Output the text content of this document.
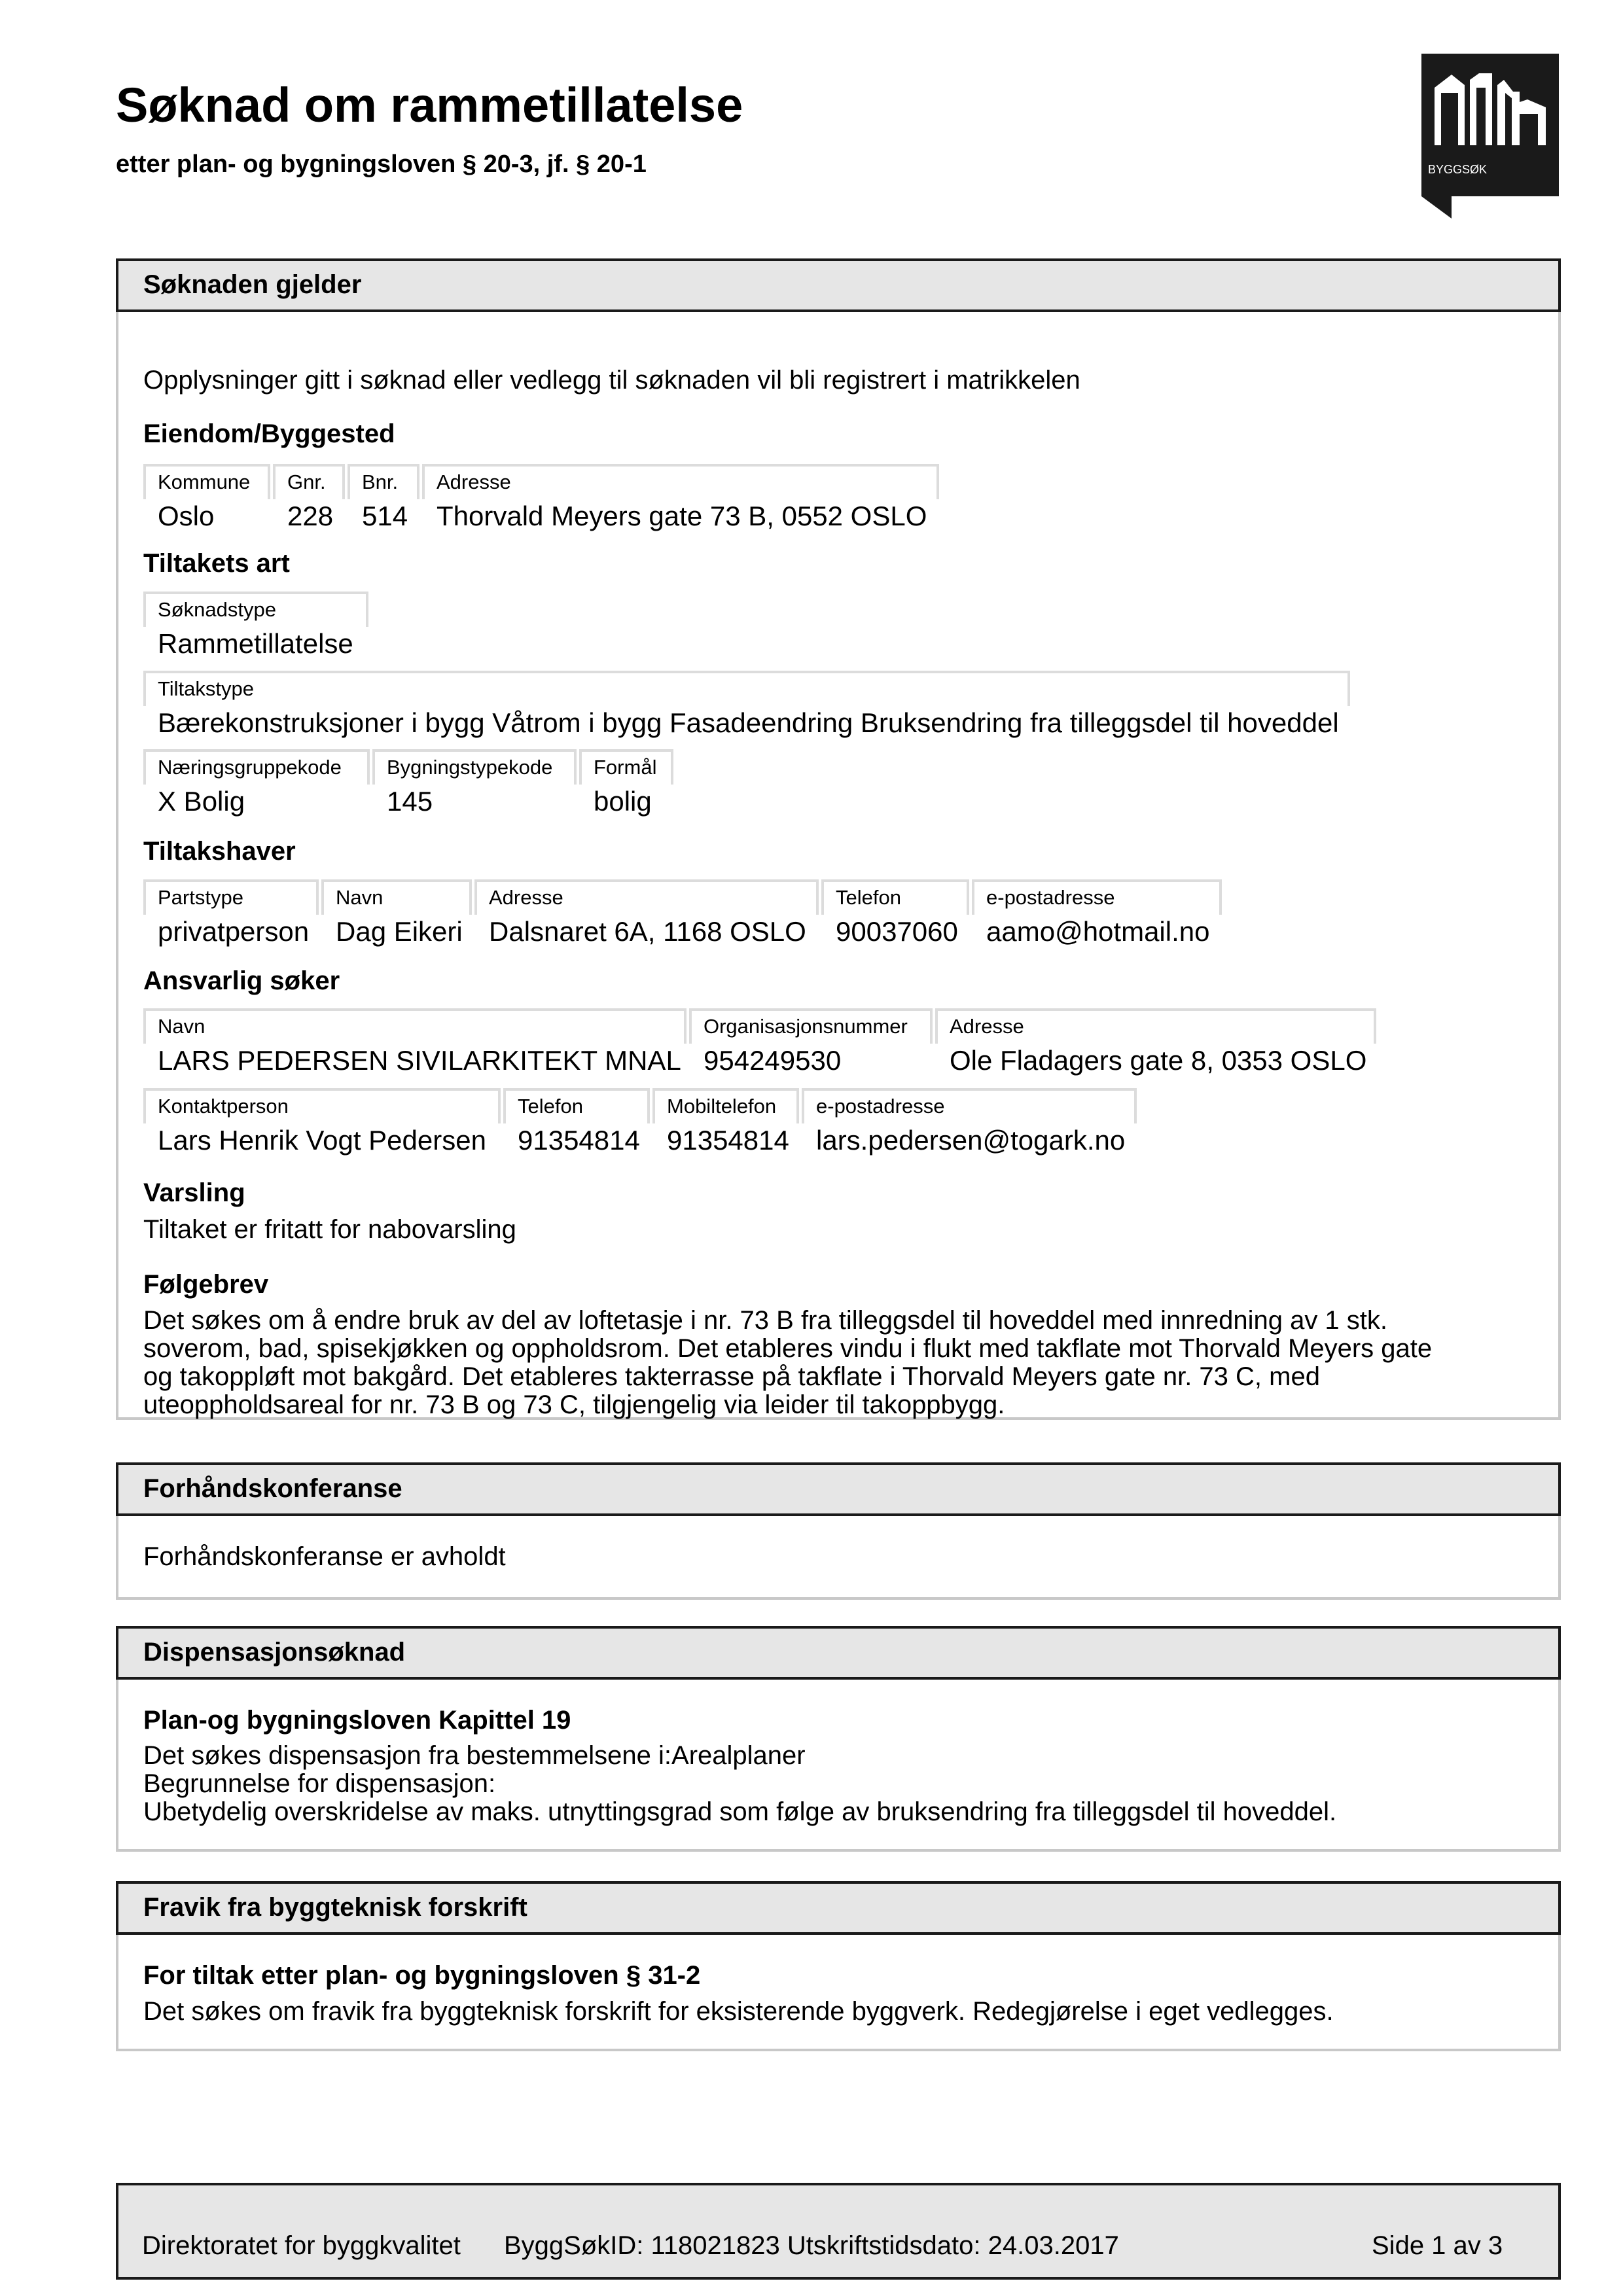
Søknad om rammetillatelse
etter plan- og bygningsloven § 20-3, jf. § 20-1	BYGGSØK
Søknaden gjelder
Opplysninger gitt i søknad eller vedlegg til søknaden vil bli registrert i matrikkelen
Eiendom/Byggested
Kommune
Oslo
Gnr.
228
Bnr.
514
Adresse
Thorvald Meyers gate 73 B, 0552 OSLO
Tiltakets art
Søknadstype
Rammetillatelse
Tiltakstype
Bærekonstruksjoner i bygg Våtrom i bygg Fasadeendring Bruksendring fra tilleggsdel til hoveddel
Næringsgruppekode
X Bolig
Bygningstypekode
145
Formål
bolig
Tiltakshaver
Partstype
privatperson
Navn
Dag Eikeri
Adresse
Dalsnaret 6A, 1168 OSLO
Telefon
90037060
e-postadresse
aamo@hotmail.no
Ansvarlig søker
Navn
LARS PEDERSEN SIVILARKITEKT MNAL
Organisasjonsnummer
954249530
Adresse
Ole Fladagers gate 8, 0353 OSLO
Kontaktperson
Lars Henrik Vogt Pedersen
Telefon
91354814
Mobiltelefon
91354814
e-postadresse
lars.pedersen@togark.no
Varsling
Tiltaket er fritatt for nabovarsling
Følgebrev
Det søkes om å endre bruk av del av loftetasje i nr. 73 B fra tilleggsdel til hoveddel med innredning av 1 stk.
soverom, bad, spisekjøkken og oppholdsrom. Det etableres vindu i flukt med takflate mot Thorvald Meyers gate
og takoppløft mot bakgård. Det etableres takterrasse på takflate i Thorvald Meyers gate nr. 73 C, med
uteoppholdsareal for nr. 73 B og 73 C, tilgjengelig via leider til takoppbygg.
Forhåndskonferanse
Forhåndskonferanse er avholdt
Dispensasjonsøknad
Plan-og bygningsloven Kapittel 19
Det søkes dispensasjon fra bestemmelsene i:Arealplaner
Begrunnelse for dispensasjon:
Ubetydelig overskridelse av maks. utnyttingsgrad som følge av bruksendring fra tilleggsdel til hoveddel.
Fravik fra byggteknisk forskrift
For tiltak etter plan- og bygningsloven § 31-2
Det søkes om fravik fra byggteknisk forskrift for eksisterende byggverk. Redegjørelse i eget vedlegges.
Direktoratet for byggkvalitet ByggSøkID: 118021823 Utskriftstidsdato: 24.03.2017	Side 1 av 3
